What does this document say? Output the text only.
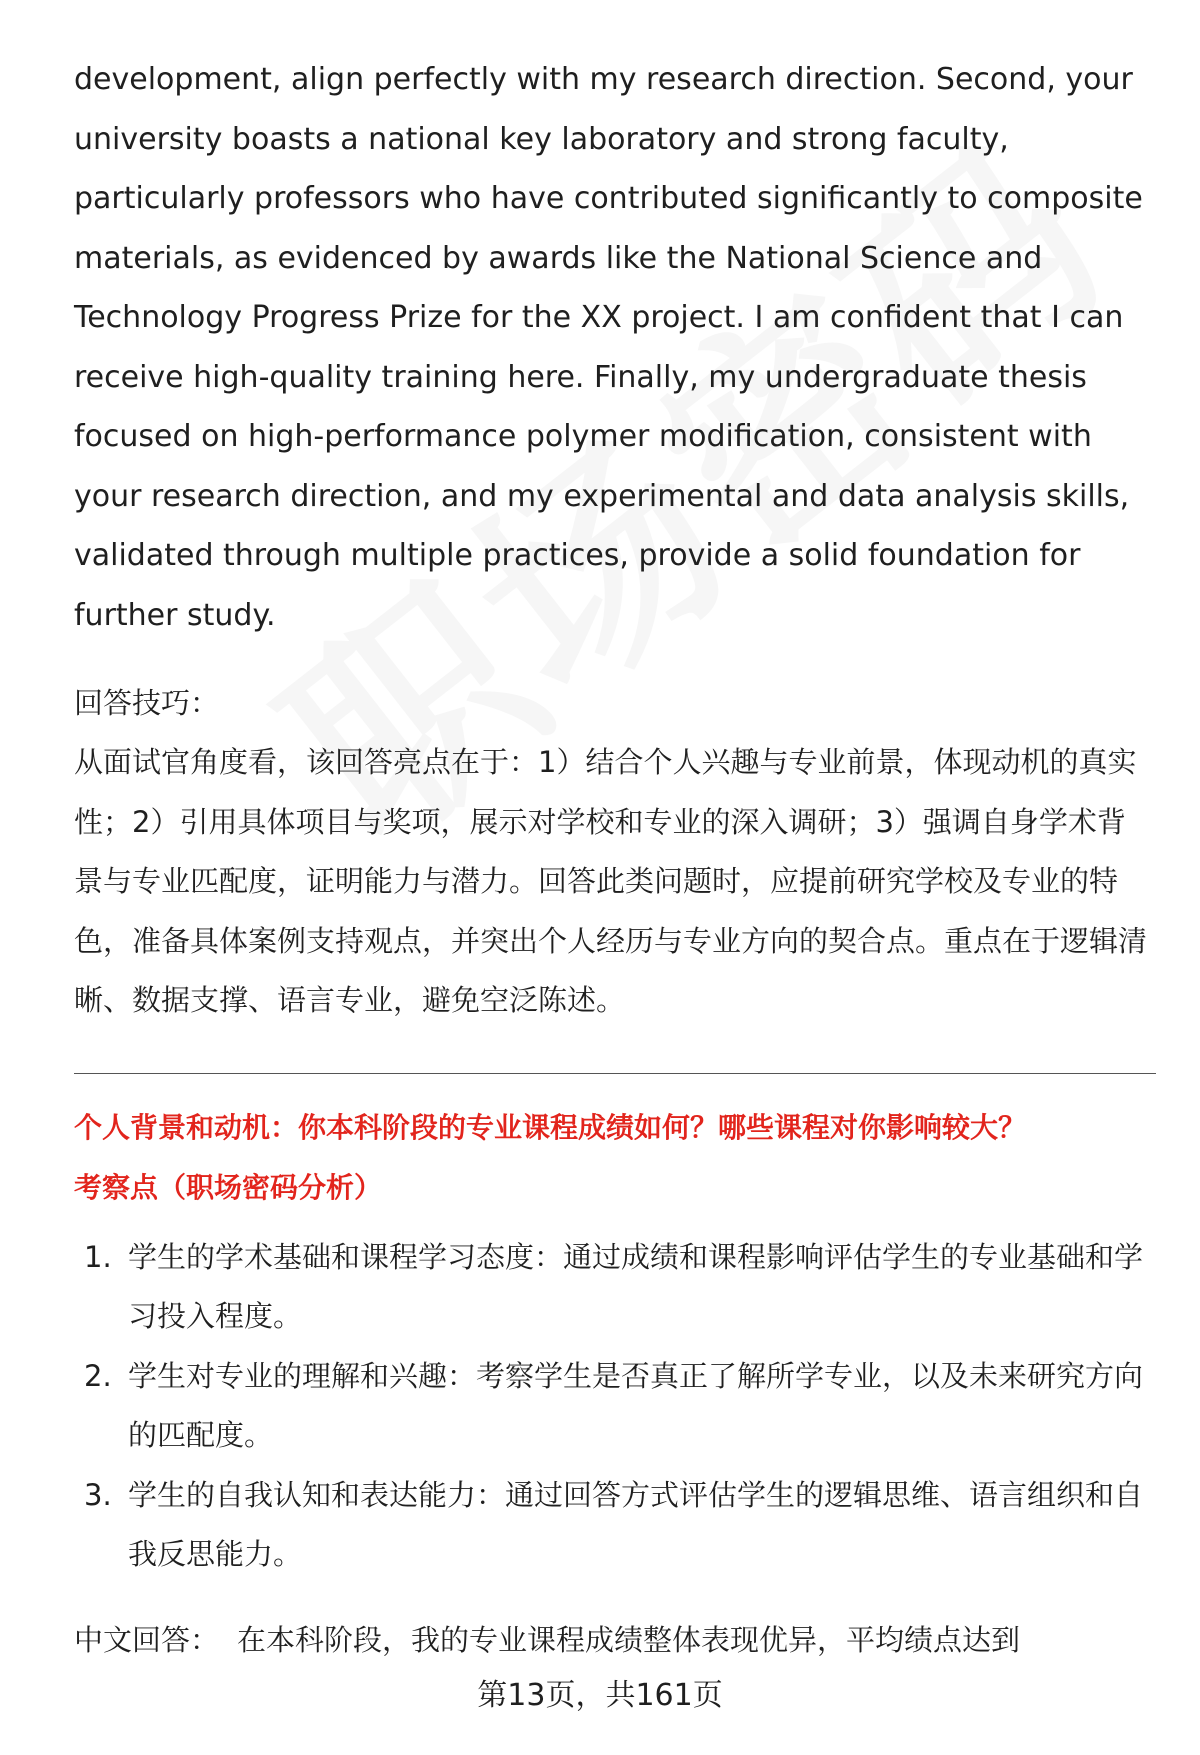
development, align perfectly with my research direction. Second, your university boasts a national key laboratory and strong faculty, particularly professors who have contributed significantly to composite materials, as evidenced by awards like the National Science and Technology Progress Prize for the XX project. I am confident that I can receive high-quality training here. Finally, my undergraduate thesis focused on high-performance polymer modification, consistent with your research direction, and my experimental and data analysis skills, validated through multiple practices, provide a solid foundation for further study.

回答技巧：

从面试官角度看，该回答亮点在于：1）结合个人兴趣与专业前景，体现动机的真实性；2）引用具体项目与奖项，展示对学校和专业的深入调研；3）强调自身学术背景与专业匹配度，证明能力与潜力。回答此类问题时，应提前研究学校及专业的特色，准备具体案例支持观点，并突出个人经历与专业方向的契合点。重点在于逻辑清晰、数据支撑、语言专业，避免空泛陈述。

个人背景和动机：你本科阶段的专业课程成绩如何？哪些课程对你影响较大？

考察点（职场密码分析）

1. 学生的学术基础和课程学习态度：通过成绩和课程影响评估学生的专业基础和学习投入程度。
2. 学生对专业的理解和兴趣：考察学生是否真正了解所学专业，以及未来研究方向的匹配度。
3. 学生的自我认知和表达能力：通过回答方式评估学生的逻辑思维、语言组织和自我反思能力。

中文回答： 在本科阶段，我的专业课程成绩整体表现优异，平均绩点达到

第13页，共161页
